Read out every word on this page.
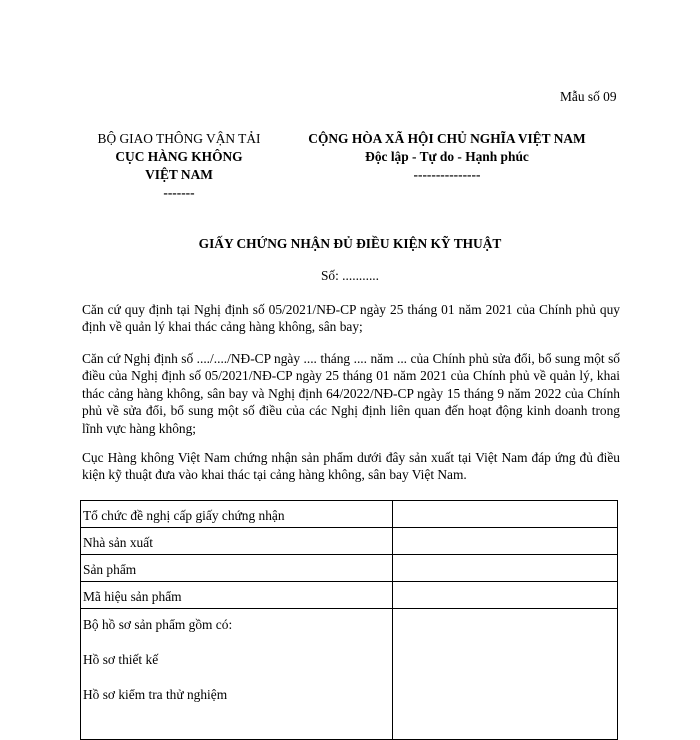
Mẫu số 09
BỘ GIAO THÔNG VẬN TẢI
CỤC HÀNG KHÔNG
VIỆT NAM
-------
CỘNG HÒA XÃ HỘI CHỦ NGHĨA VIỆT NAM
Độc lập - Tự do - Hạnh phúc
---------------
GIẤY CHỨNG NHẬN ĐỦ ĐIỀU KIỆN KỸ THUẬT
Số: ...........
Căn cứ quy định tại Nghị định số 05/2021/NĐ-CP ngày 25 tháng 01 năm 2021 của Chính phủ quy định về quản lý khai thác cảng hàng không, sân bay;
Căn cứ Nghị định số ..../..../NĐ-CP ngày .... tháng .... năm ... của Chính phủ sửa đổi, bổ sung một số điều của Nghị định số 05/2021/NĐ-CP ngày 25 tháng 01 năm 2021 của Chính phủ về quản lý, khai thác cảng hàng không, sân bay và Nghị định 64/2022/NĐ-CP ngày 15 tháng 9 năm 2022 của Chính phủ về sửa đổi, bổ sung một số điều của các Nghị định liên quan đến hoạt động kinh doanh trong lĩnh vực hàng không;
Cục Hàng không Việt Nam chứng nhận sản phẩm dưới đây sản xuất tại Việt Nam đáp ứng đủ điều kiện kỹ thuật đưa vào khai thác tại cảng hàng không, sân bay Việt Nam.
Tổ chức đề nghị cấp giấy chứng nhận	
Nhà sản xuất	
Sản phẩm	
Mã hiệu sản phẩm	

Bộ hồ sơ sản phẩm gồm có:
Hồ sơ thiết kế
Hồ sơ kiểm tra thử nghiệm	
